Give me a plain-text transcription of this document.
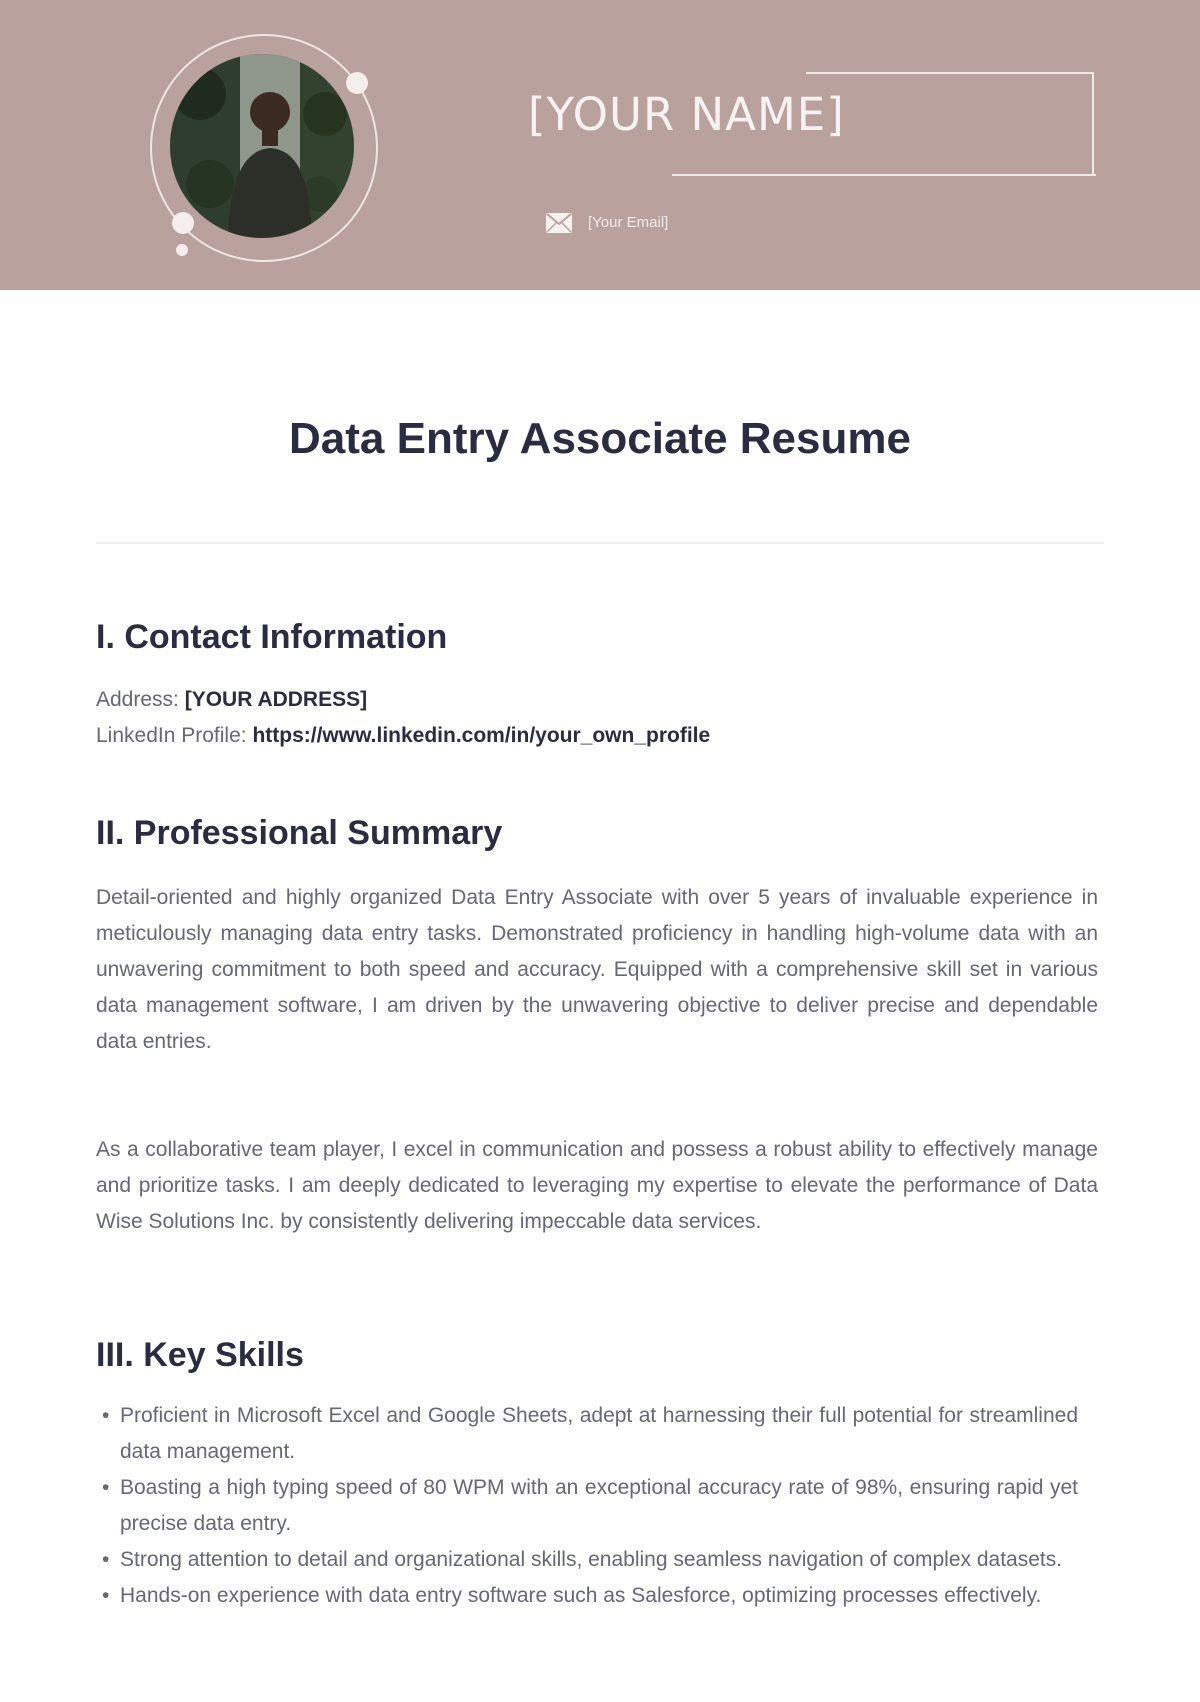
[YOUR NAME]
[Your Email]
Data Entry Associate Resume
I. Contact Information
Address: [YOUR ADDRESS]
LinkedIn Profile: https://www.linkedin.com/in/your_own_profile
II. Professional Summary

Detail-oriented and highly organized Data Entry Associate with over 5 years of invaluable experience in meticulously managing data entry tasks. Demonstrated proficiency in handling high-volume data with an unwavering commitment to both speed and accuracy. Equipped with a comprehensive skill set in various data management software, I am driven by the unwavering objective to deliver precise and dependable data entries.

As a collaborative team player, I excel in communication and possess a robust ability to effectively manage and prioritize tasks. I am deeply dedicated to leveraging my expertise to elevate the performance of Data Wise Solutions Inc. by consistently delivering impeccable data services.

III. Key Skills
• Proficient in Microsoft Excel and Google Sheets, adept at harnessing their full potential for streamlined data management.
• Boasting a high typing speed of 80 WPM with an exceptional accuracy rate of 98%, ensuring rapid yet precise data entry.
• Strong attention to detail and organizational skills, enabling seamless navigation of complex datasets.
• Hands-on experience with data entry software such as Salesforce, optimizing processes effectively.
